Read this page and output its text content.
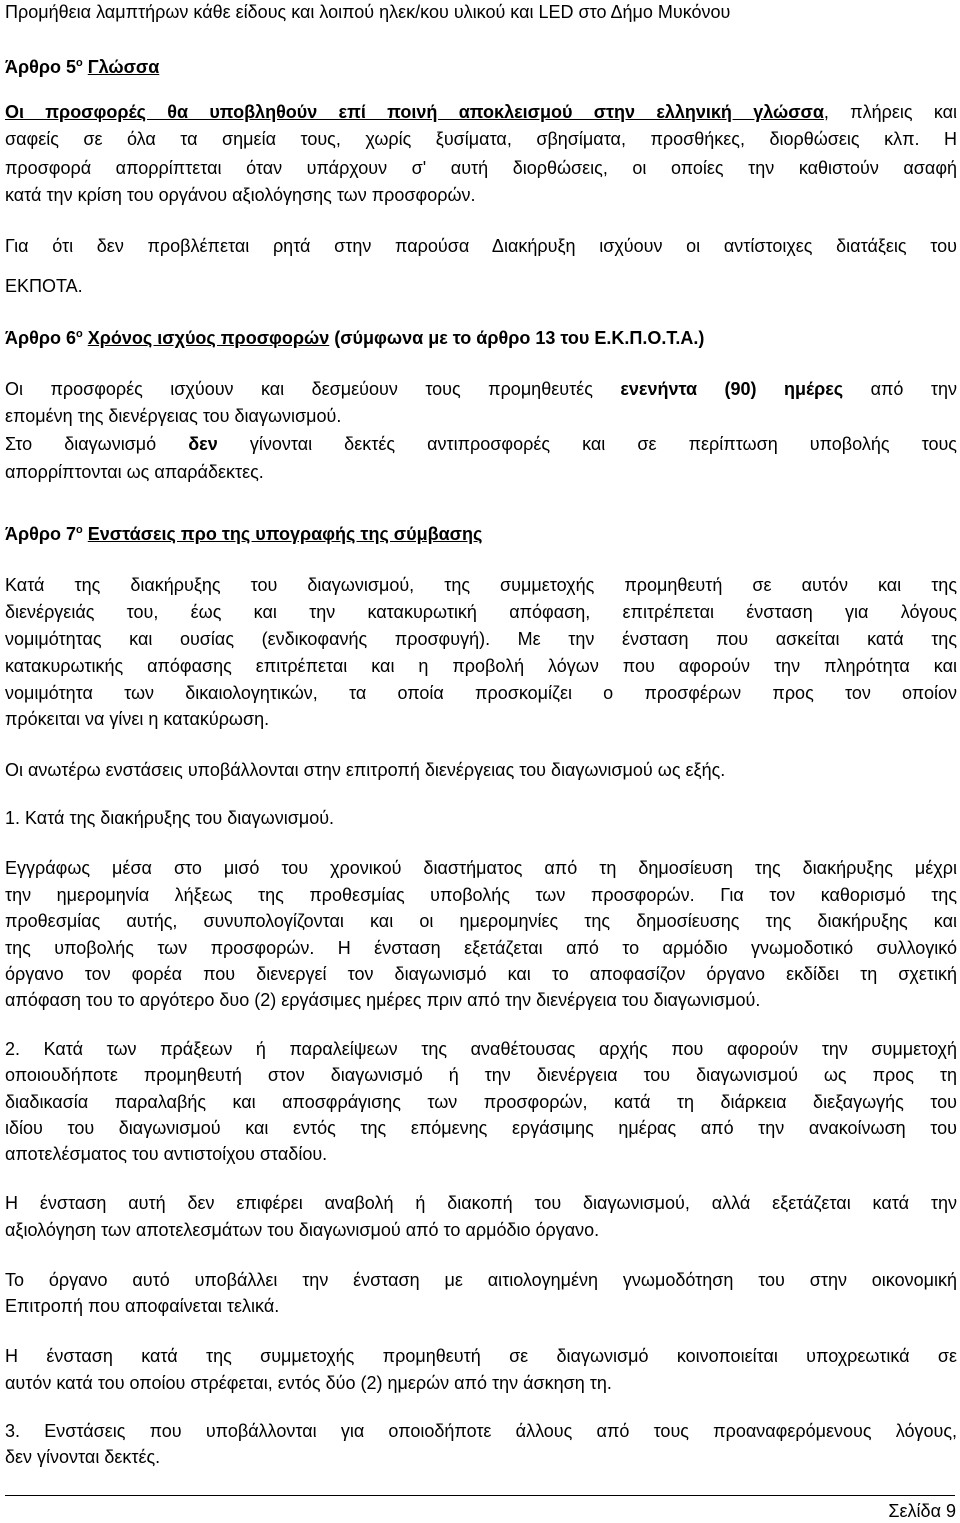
Προμήθεια λαμπτήρων κάθε είδους και λοιπού ηλεκ/κου υλικού και LED στο Δήμο Μυκόνου
Άρθρο $5^o$ Γλώσσα
Οι προσφορές θα υποβληθούν επί ποινή αποκλεισμού στην ελληνική γλώσσα, πλήρεις και
σαφείς σε όλα τα σημεία τους, χωρίς ξυσίματα, σβησίματα, προσθήκες, διορθώσεις κλπ. Η
προσφορά απορρίπτεται όταν υπάρχουν σ' αυτή διορθώσεις, οι οποίες την καθιστούν ασαφή
κατά την κρίση του οργάνου αξιολόγησης των προσφορών.
Για ότι δεν προβλέπεται ρητά στην παρούσα Διακήρυξη ισχύουν οι αντίστοιχες διατάξεις του
ΕΚΠΟΤΑ.
Άρθρο $6^o$ Χρόνος ισχύος προσφορών (σύμφωνα με το άρθρο 13 του Ε.Κ.Π.Ο.Τ.Α.)
Οι προσφορές ισχύουν και δεσμεύουν τους προμηθευτές ενενήντα (90) ημέρες από την
επομένη της διενέργειας του διαγωνισμού.
Στο διαγωνισμό δεν γίνονται δεκτές αντιπροσφορές και σε περίπτωση υποβολής τους
απορρίπτονται ως απαράδεκτες.
Άρθρο $7^o$ Ενστάσεις προ της υπογραφής της σύμβασης
Κατά της διακήρυξης του διαγωνισμού, της συμμετοχής προμηθευτή σε αυτόν και της
διενέργειάς του, έως και την κατακυρωτική απόφαση, επιτρέπεται ένσταση για λόγους
νομιμότητας και ουσίας (ενδικοφανής προσφυγή). Με την ένσταση που ασκείται κατά της
κατακυρωτικής απόφασης επιτρέπεται και η προβολή λόγων που αφορούν την πληρότητα και
νομιμότητα των δικαιολογητικών, τα οποία προσκομίζει ο προσφέρων προς τον οποίον
πρόκειται να γίνει η κατακύρωση.
Οι ανωτέρω ενστάσεις υποβάλλονται στην επιτροπή διενέργειας του διαγωνισμού ως εξής.
1. Κατά της διακήρυξης του διαγωνισμού.
Εγγράφως μέσα στο μισό του χρονικού διαστήματος από τη δημοσίευση της διακήρυξης μέχρι
την ημερομηνία λήξεως της προθεσμίας υποβολής των προσφορών. Για τον καθορισμό της
προθεσμίας αυτής, συνυπολογίζονται και οι ημερομηνίες της δημοσίευσης της διακήρυξης και
της υποβολής των προσφορών. Η ένσταση εξετάζεται από το αρμόδιο γνωμοδοτικό συλλογικό
όργανο τον φορέα που διενεργεί τον διαγωνισμό και το αποφασίζον όργανο εκδίδει τη σχετική
απόφαση του το αργότερο δυο (2) εργάσιμες ημέρες πριν από την διενέργεια του διαγωνισμού.
2. Κατά των πράξεων ή παραλείψεων της αναθέτουσας αρχής που αφορούν την συμμετοχή
οποιουδήποτε προμηθευτή στον διαγωνισμό ή την διενέργεια του διαγωνισμού ως προς τη
διαδικασία παραλαβής και αποσφράγισης των προσφορών, κατά τη διάρκεια διεξαγωγής του
ιδίου του διαγωνισμού και εντός της επόμενης εργάσιμης ημέρας από την ανακοίνωση του
αποτελέσματος του αντιστοίχου σταδίου.
Η ένσταση αυτή δεν επιφέρει αναβολή ή διακοπή του διαγωνισμού, αλλά εξετάζεται κατά την
αξιολόγηση των αποτελεσμάτων του διαγωνισμού από το αρμόδιο όργανο.
Το όργανο αυτό υποβάλλει την ένσταση με αιτιολογημένη γνωμοδότηση του στην οικονομική
Επιτροπή που αποφαίνεται τελικά.
Η ένσταση κατά της συμμετοχής προμηθευτή σε διαγωνισμό κοινοποιείται υποχρεωτικά σε
αυτόν κατά του οποίου στρέφεται, εντός δύο (2) ημερών από την άσκηση τη.
3. Ενστάσεις που υποβάλλονται για οποιοδήποτε άλλους από τους προαναφερόμενους λόγους,
δεν γίνονται δεκτές.
Σελίδα 9
